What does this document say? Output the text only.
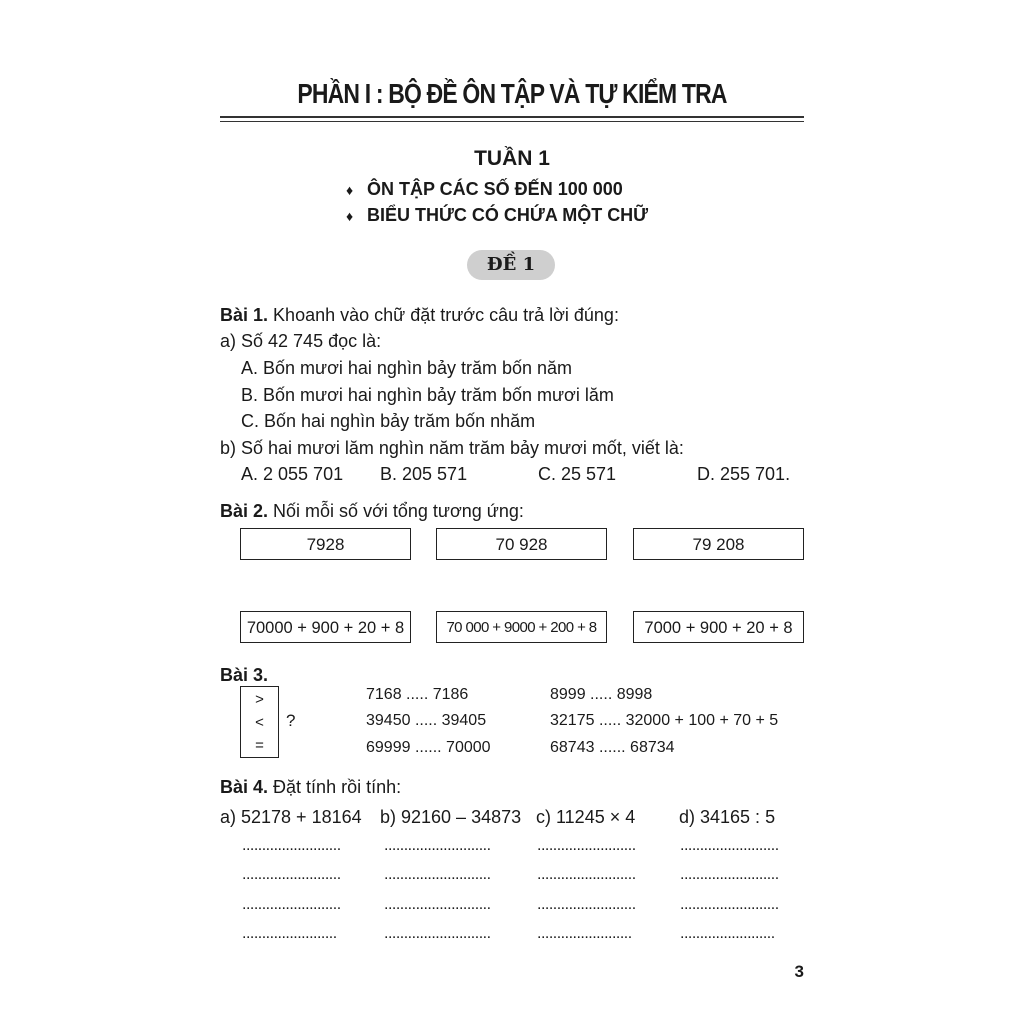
PHẦN I : BỘ ĐỀ ÔN TẬP VÀ TỰ KIỂM TRA
TUẦN 1
♦ ÔN TẬP CÁC SỐ ĐẾN 100 000
♦ BIỂU THỨC CÓ CHỨA MỘT CHỮ
ĐỀ 1
Bài 1. Khoanh vào chữ đặt trước câu trả lời đúng:
a) Số 42 745 đọc là:
A. Bốn mươi hai nghìn bảy trăm bốn năm
B. Bốn mươi hai nghìn bảy trăm bốn mươi lăm
C. Bốn hai nghìn bảy trăm bốn nhăm
b) Số hai mươi lăm nghìn năm trăm bảy mươi mốt, viết là:
A. 2 055 701 B. 205 571	C. 25 571	D. 255 701.
Bài 2. Nối mỗi số với tổng tương ứng:
7928	70 928	79 208
70000 + 900 + 20 + 8	70 000 + 9000 + 200 + 8	7000 + 900 + 20 + 8
Bài 3.
>
<
=
?
7168 ..... 7186
39450 ..... 39405
69999 ...... 70000
8999 ..... 8998
32175 ..... 32000 + 100 + 70 + 5
68743 ...... 68734
Bài 4. Đặt tính rồi tính:
a) 52178 + 18164 b) 92160 – 34873 c) 11245 × 4 d) 34165 : 5
.........................	...........................	.........................	.........................
.........................	...........................	.........................	.........................
.........................	...........................	.........................	.........................
........................	...........................	........................	........................
3
